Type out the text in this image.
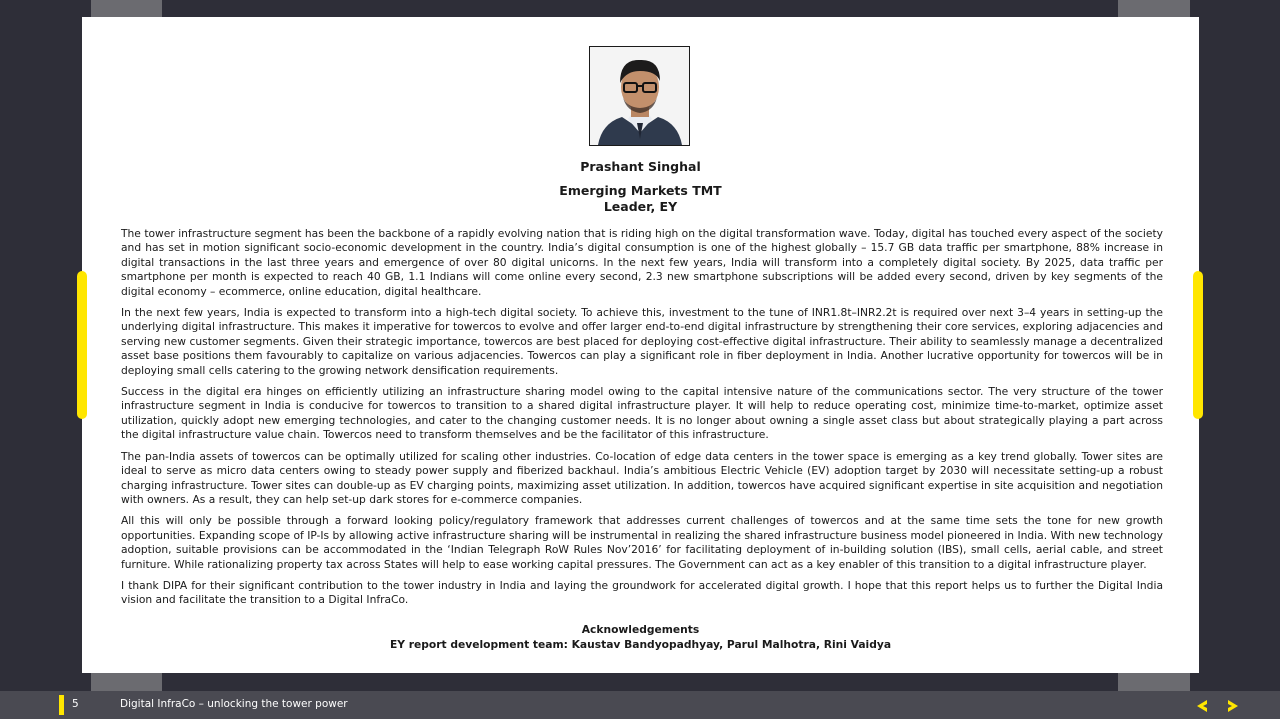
Prashant Singhal
Emerging Markets TMT
Leader, EY

The tower infrastructure segment has been the backbone of a rapidly evolving nation that is riding high on the digital transformation wave. Today, digital has touched every aspect of the society and has set in motion significant socio-economic development in the country. India’s digital consumption is one of the highest globally – 15.7 GB data traffic per smartphone, 88% increase in digital transactions in the last three years and emergence of over 80 digital unicorns. In the next few years, India will transform into a completely digital society. By 2025, data traffic per smartphone per month is expected to reach 40 GB, 1.1 Indians will come online every second, 2.3 new smartphone subscriptions will be added every second, driven by key segments of the digital economy – ecommerce, online education, digital healthcare.

In the next few years, India is expected to transform into a high-tech digital society. To achieve this, investment to the tune of INR1.8t–INR2.2t is required over next 3–4 years in setting-up the underlying digital infrastructure. This makes it imperative for towercos to evolve and offer larger end-to-end digital infrastructure by strengthening their core services, exploring adjacencies and serving new customer segments. Given their strategic importance, towercos are best placed for deploying cost-effective digital infrastructure. Their ability to seamlessly manage a decentralized asset base positions them favourably to capitalize on various adjacencies. Towercos can play a significant role in fiber deployment in India. Another lucrative opportunity for towercos will be in deploying small cells catering to the growing network densification requirements.

Success in the digital era hinges on efficiently utilizing an infrastructure sharing model owing to the capital intensive nature of the communications sector. The very structure of the tower infrastructure segment in India is conducive for towercos to transition to a shared digital infrastructure player. It will help to reduce operating cost, minimize time-to-market, optimize asset utilization, quickly adopt new emerging technologies, and cater to the changing customer needs. It is no longer about owning a single asset class but about strategically playing a part across the digital infrastructure value chain. Towercos need to transform themselves and be the facilitator of this infrastructure.

The pan-India assets of towercos can be optimally utilized for scaling other industries. Co-location of edge data centers in the tower space is emerging as a key trend globally. Tower sites are ideal to serve as micro data centers owing to steady power supply and fiberized backhaul. India’s ambitious Electric Vehicle (EV) adoption target by 2030 will necessitate setting-up a robust charging infrastructure. Tower sites can double-up as EV charging points, maximizing asset utilization. In addition, towercos have acquired significant expertise in site acquisition and negotiation with owners. As a result, they can help set-up dark stores for e-commerce companies.

All this will only be possible through a forward looking policy/regulatory framework that addresses current challenges of towercos and at the same time sets the tone for new growth opportunities. Expanding scope of IP-Is by allowing active infrastructure sharing will be instrumental in realizing the shared infrastructure business model pioneered in India. With new technology adoption, suitable provisions can be accommodated in the ‘Indian Telegraph RoW Rules Nov’2016’ for facilitating deployment of in-building solution (IBS), small cells, aerial cable, and street furniture. While rationalizing property tax across States will help to ease working capital pressures. The Government can act as a key enabler of this transition to a digital infrastructure player.

I thank DIPA for their significant contribution to the tower industry in India and laying the groundwork for accelerated digital growth. I hope that this report helps us to further the Digital India vision and facilitate the transition to a Digital InfraCo.

Acknowledgements
EY report development team: Kaustav Bandyopadhyay, Parul Malhotra, Rini Vaidya
5	Digital InfraCo – unlocking the tower power
